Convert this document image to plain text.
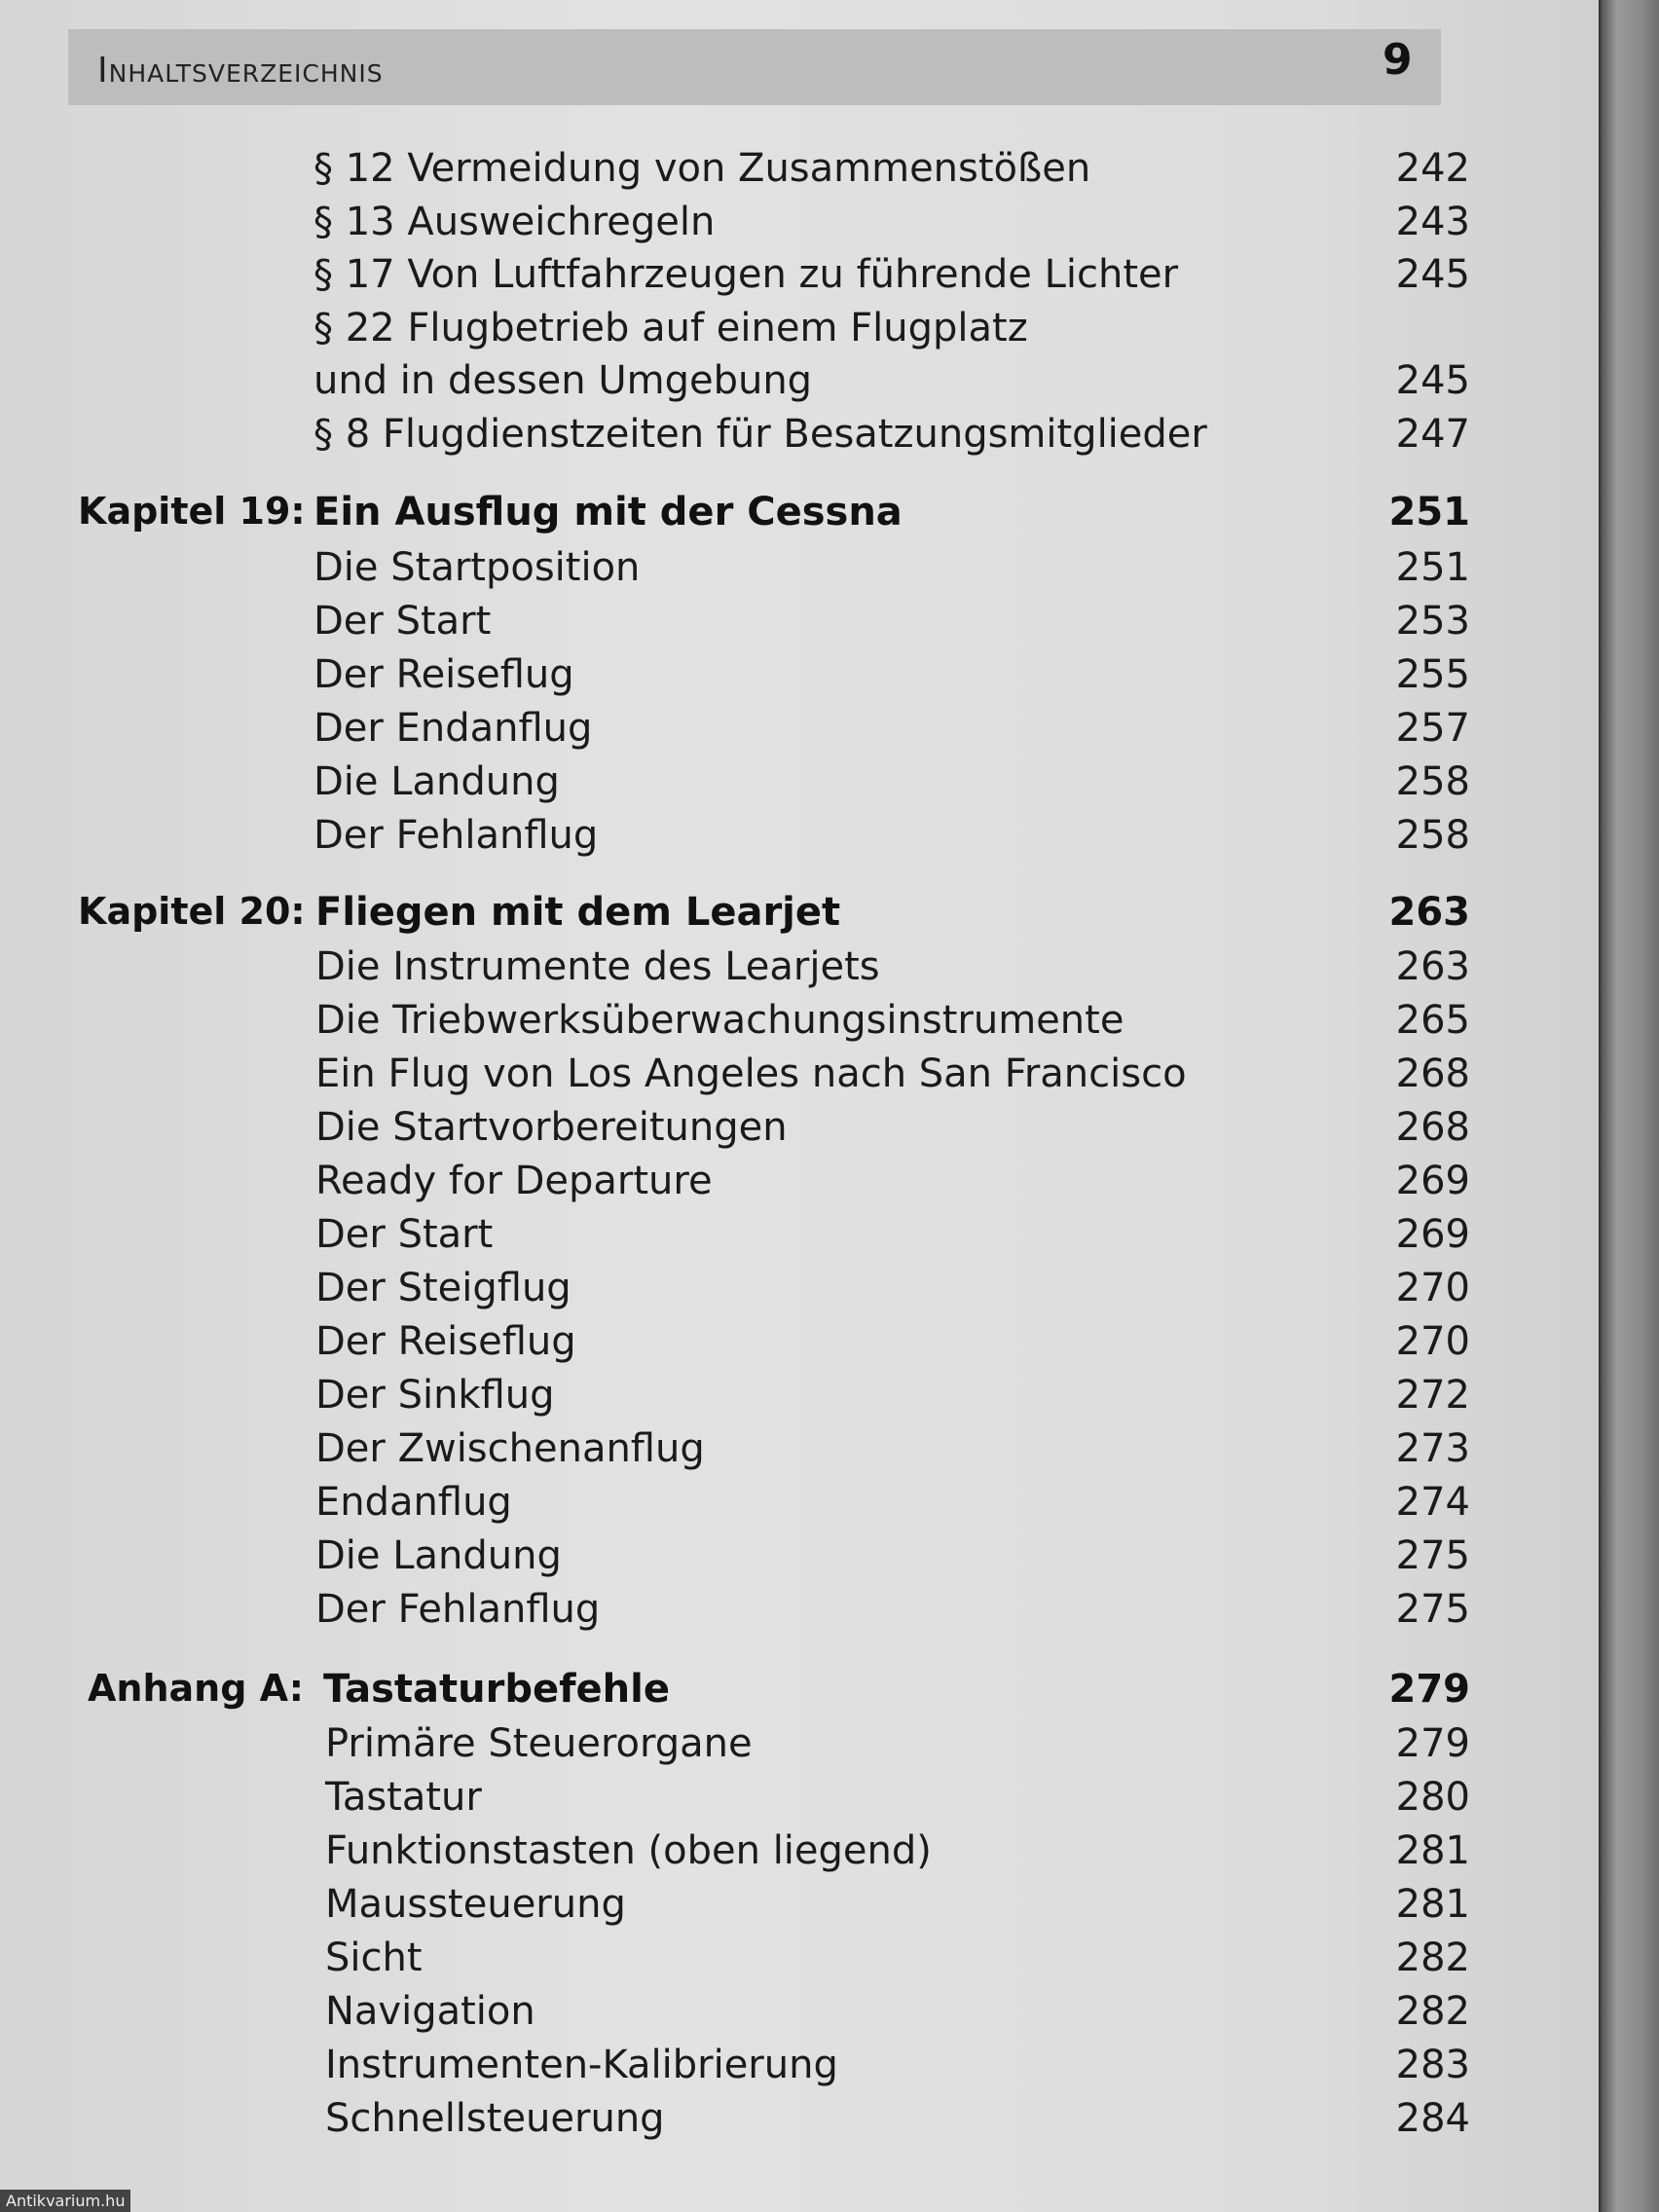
Inhaltsverzeichnis	9
§ 12 Vermeidung von Zusammenstößen	242
§ 13 Ausweichregeln	243
§ 17 Von Luftfahrzeugen zu führende Lichter	245
§ 22 Flugbetrieb auf einem Flugplatz
und in dessen Umgebung	245
§ 8 Flugdienstzeiten für Besatzungsmitglieder	247
Kapitel 19: Ein Ausflug mit der Cessna	251
Die Startposition	251
Der Start	253
Der Reiseflug	255
Der Endanflug	257
Die Landung	258
Der Fehlanflug	258
Kapitel 20: Fliegen mit dem Learjet	263
Die Instrumente des Learjets	263
Die Triebwerksüberwachungsinstrumente	265
Ein Flug von Los Angeles nach San Francisco	268
Die Startvorbereitungen	268
Ready for Departure	269
Der Start	269
Der Steigflug	270
Der Reiseflug	270
Der Sinkflug	272
Der Zwischenanflug	273
Endanflug	274
Die Landung	275
Der Fehlanflug	275
Anhang A: Tastaturbefehle	279
Primäre Steuerorgane	279
Tastatur	280
Funktionstasten (oben liegend)	281
Maussteuerung	281
Sicht	282
Navigation	282
Instrumenten-Kalibrierung	283
Schnellsteuerung	284
Antikvarium.hu
